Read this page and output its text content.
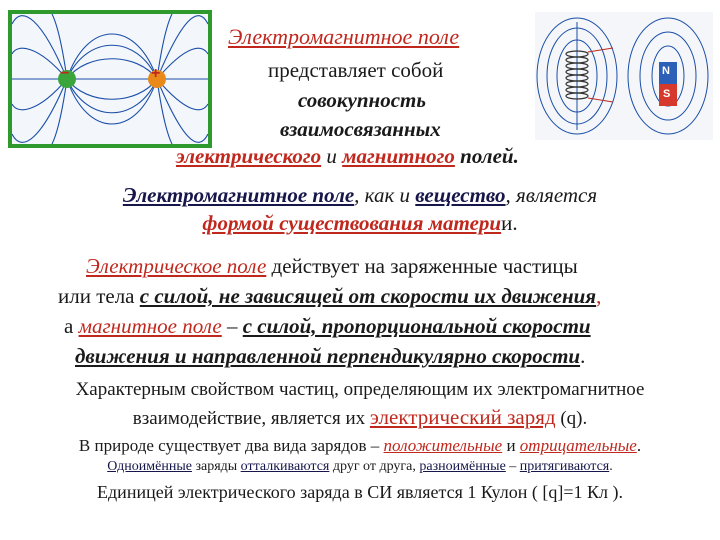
−	+	N
S
Электромагнитное поле
представляет собой
совокупность
взаимосвязанных
электрического и магнитного полей.
Электромагнитное поле, как и вещество, является
формой существования материи.
Электрическое поле действует на заряженные частицы
или тела с силой, не зависящей от скорости их движения,
а магнитное поле – с силой, пропорциональной скорости
движения и направленной перпендикулярно скорости.
Характерным свойством частиц, определяющим их электромагнитное
взаимодействие, является их электрический заряд (q).
В природе существует два вида зарядов – положительные и отрицательные.
Одноимённые заряды отталкиваются друг от друга, разноимённые – притягиваются.
Единицей электрического заряда в СИ является 1 Кулон ( [q]=1 Кл ).
